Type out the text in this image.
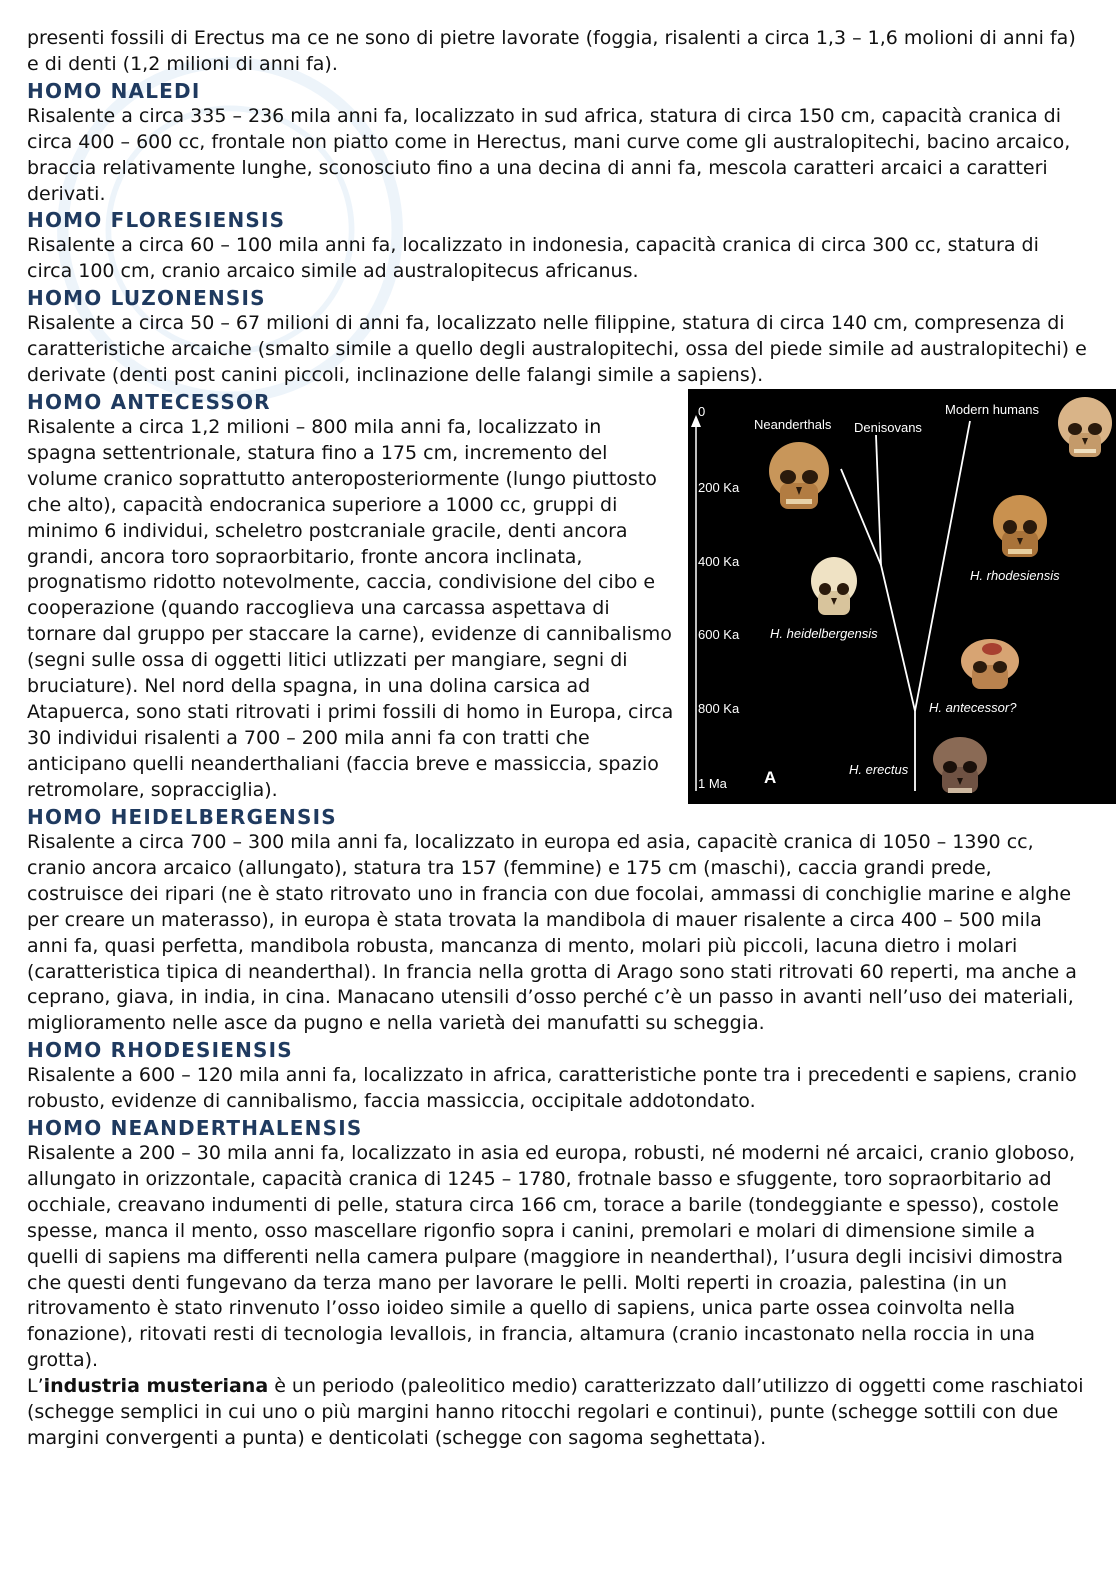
presenti fossili di Erectus ma ce ne sono di pietre lavorate (foggia, risalenti a circa 1,3 – 1,6 molioni di anni fa) e di denti (1,2 milioni di anni fa).

HOMO NALEDI

Risalente a circa 335 – 236 mila anni fa, localizzato in sud africa, statura di circa 150 cm, capacità cranica di circa 400 – 600 cc, frontale non piatto come in Herectus, mani curve come gli australopitechi, bacino arcaico, braccia relativamente lunghe, sconosciuto fino a una decina di anni fa, mescola caratteri arcaici a caratteri derivati.

HOMO FLORESIENSIS

Risalente a circa 60 – 100 mila anni fa, localizzato in indonesia, capacità cranica di circa 300 cc, statura di circa 100 cm, cranio arcaico simile ad australopitecus africanus.

HOMO LUZONENSIS

Risalente a circa 50 – 67 milioni di anni fa, localizzato nelle filippine, statura di circa 140 cm, compresenza di caratteristiche arcaiche (smalto simile a quello degli australopitechi, ossa del piede simile ad australopitechi) e derivate (denti post canini piccoli, inclinazione delle falangi simile a sapiens).

0
200 Ka
400 Ka
600 Ka
800 Ka
1 Ma A
Neanderthals Denisovans
Modern humans
H. rhodesiensis
H. heidelbergensis
H. antecessor?
H. erectus
HOMO ANTECESSOR

Risalente a circa 1,2 milioni – 800 mila anni fa, localizzato in spagna settentrionale, statura fino a 175 cm, incremento del volume cranico soprattutto anteroposteriormente (lungo piuttosto che alto), capacità endocranica superiore a 1000 cc, gruppi di minimo 6 individui, scheletro postcraniale gracile, denti ancora grandi, ancora toro sopraorbitario, fronte ancora inclinata, prognatismo ridotto notevolmente, caccia, condivisione del cibo e cooperazione (quando raccoglieva una carcassa aspettava di tornare dal gruppo per staccare la carne), evidenze di cannibalismo (segni sulle ossa di oggetti litici utlizzati per mangiare, segni di bruciature). Nel nord della spagna, in una dolina carsica ad Atapuerca, sono stati ritrovati i primi fossili di homo in Europa, circa 30 individui risalenti a 700 – 200 mila anni fa con tratti che anticipano quelli neanderthaliani (faccia breve e massiccia, spazio retromolare, sopracciglia).

HOMO HEIDELBERGENSIS

Risalente a circa 700 – 300 mila anni fa, localizzato in europa ed asia, capacitè cranica di 1050 – 1390 cc, cranio ancora arcaico (allungato), statura tra 157 (femmine) e 175 cm (maschi), caccia grandi prede, costruisce dei ripari (ne è stato ritrovato uno in francia con due focolai, ammassi di conchiglie marine e alghe per creare un materasso), in europa è stata trovata la mandibola di mauer risalente a circa 400 – 500 mila anni fa, quasi perfetta, mandibola robusta, mancanza di mento, molari più piccoli, lacuna dietro i molari (caratteristica tipica di neanderthal). In francia nella grotta di Arago sono stati ritrovati 60 reperti, ma anche a ceprano, giava, in india, in cina. Manacano utensili d’osso perché c’è un passo in avanti nell’uso dei materiali, miglioramento nelle asce da pugno e nella varietà dei manufatti su scheggia.

HOMO RHODESIENSIS

Risalente a 600 – 120 mila anni fa, localizzato in africa, caratteristiche ponte tra i precedenti e sapiens, cranio robusto, evidenze di cannibalismo, faccia massiccia, occipitale addotondato.

HOMO NEANDERTHALENSIS

Risalente a 200 – 30 mila anni fa, localizzato in asia ed europa, robusti, né moderni né arcaici, cranio globoso, allungato in orizzontale, capacità cranica di 1245 – 1780, frotnale basso e sfuggente, toro sopraorbitario ad occhiale, creavano indumenti di pelle, statura circa 166 cm, torace a barile (tondeggiante e spesso), costole spesse, manca il mento, osso mascellare rigonfio sopra i canini, premolari e molari di dimensione simile a quelli di sapiens ma differenti nella camera pulpare (maggiore in neanderthal), l’usura degli incisivi dimostra che questi denti fungevano da terza mano per lavorare le pelli. Molti reperti in croazia, palestina (in un ritrovamento è stato rinvenuto l’osso ioideo simile a quello di sapiens, unica parte ossea coinvolta nella fonazione), ritovati resti di tecnologia levallois, in francia, altamura (cranio incastonato nella roccia in una grotta).

L’industria musteriana è un periodo (paleolitico medio) caratterizzato dall’utilizzo di oggetti come raschiatoi (schegge semplici in cui uno o più margini hanno ritocchi regolari e continui), punte (schegge sottili con due margini convergenti a punta) e denticolati (schegge con sagoma seghettata).
